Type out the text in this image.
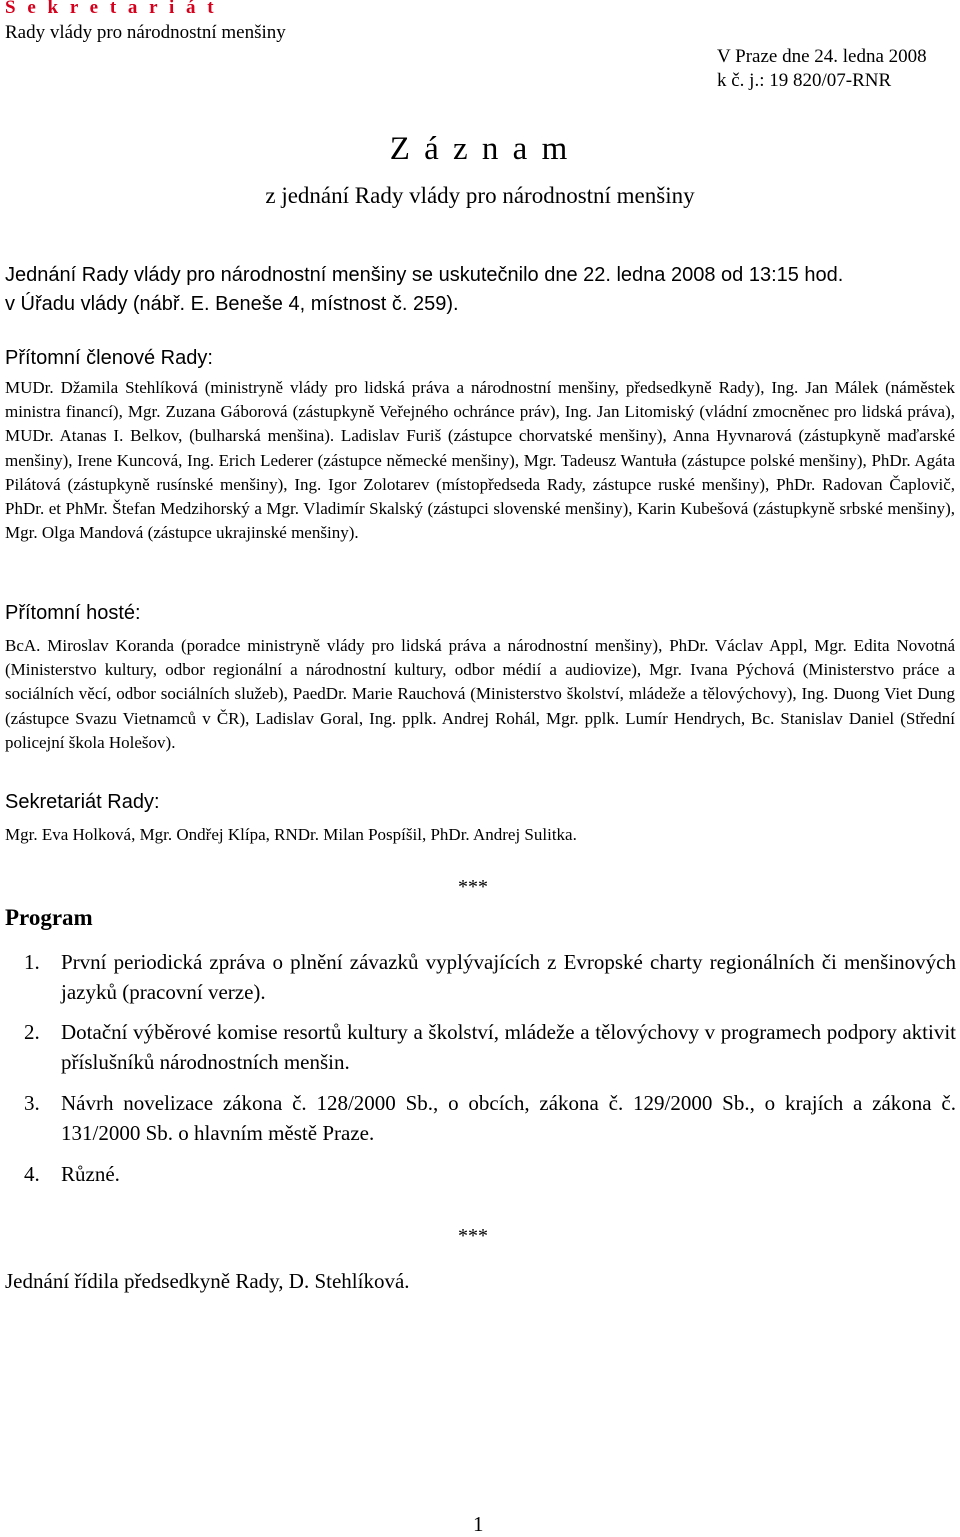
S e k r e t a r i á t
Rady vlády pro národnostní menšiny
V Praze dne 24. ledna 2008
k č. j.: 19 820/07-RNR
Z á z n a m
z jednání Rady vlády pro národnostní menšiny
Jednání Rady vlády pro národnostní menšiny se uskutečnilo dne 22. ledna 2008 od 13:15 hod.
v Úřadu vlády (nábř. E. Beneše 4, místnost č. 259).
Přítomní členové Rady:
MUDr. Džamila Stehlíková (ministryně vlády pro lidská práva a národnostní menšiny, předsedkyně Rady), Ing. Jan Málek (náměstek ministra financí), Mgr. Zuzana Gáborová (zástupkyně Veřejného ochránce práv), Ing. Jan Litomiský (vládní zmocněnec pro lidská práva), MUDr. Atanas I. Belkov, (bulharská menšina). Ladislav Furiš (zástupce chorvatské menšiny), Anna Hyvnarová (zástupkyně maďarské menšiny), Irene Kuncová, Ing. Erich Lederer (zástupce německé menšiny), Mgr. Tadeusz Wantuła (zástupce polské menšiny), PhDr. Agáta Pilátová (zástupkyně rusínské menšiny), Ing. Igor Zolotarev (místopředseda Rady, zástupce ruské menšiny), PhDr. Radovan Čaplovič, PhDr. et PhMr. Štefan Medzihorský a Mgr. Vladimír Skalský (zástupci slovenské menšiny), Karin Kubešová (zástupkyně srbské menšiny), Mgr. Olga Mandová (zástupce ukrajinské menšiny).
Přítomní hosté:
BcA. Miroslav Koranda (poradce ministryně vlády pro lidská práva a národnostní menšiny), PhDr. Václav Appl, Mgr. Edita Novotná (Ministerstvo kultury, odbor regionální a národnostní kultury, odbor médií a audiovize), Mgr. Ivana Pýchová (Ministerstvo práce a sociálních věcí, odbor sociálních služeb), PaedDr. Marie Rauchová (Ministerstvo školství, mládeže a tělovýchovy), Ing. Duong Viet Dung (zástupce Svazu Vietnamců v ČR), Ladislav Goral, Ing. pplk. Andrej Rohál, Mgr. pplk. Lumír Hendrych, Bc. Stanislav Daniel (Střední policejní škola Holešov).
Sekretariát Rady:
Mgr. Eva Holková, Mgr. Ondřej Klípa, RNDr. Milan Pospíšil, PhDr. Andrej Sulitka.
***
Program
1. První periodická zpráva o plnění závazků vyplývajících z Evropské charty regionálních či menšinových jazyků (pracovní verze).
2. Dotační výběrové komise resortů kultury a školství, mládeže a tělovýchovy v programech podpory aktivit příslušníků národnostních menšin.
3. Návrh novelizace zákona č. 128/2000 Sb., o obcích, zákona č. 129/2000 Sb., o krajích a zákona č. 131/2000 Sb. o hlavním městě Praze.
4. Různé.
***
Jednání řídila předsedkyně Rady, D. Stehlíková.
1
